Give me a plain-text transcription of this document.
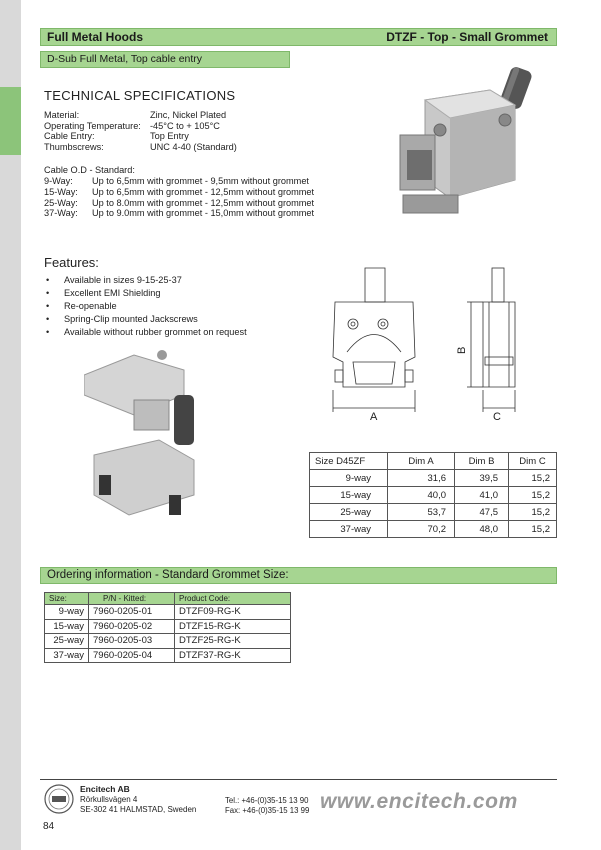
Full Metal Hoods	DTZF - Top - Small Grommet
D-Sub Full Metal, Top cable entry
TECHNICAL SPECIFICATIONS
Material:	Zinc, Nickel Plated
Operating Temperature: -45°C to + 105°C
Cable Entry:	Top Entry
Thumbscrews:	UNC 4-40 (Standard)
Cable O.D - Standard:
9-Way:	Up to 6,5mm with grommet - 9,5mm without grommet
15-Way:	Up to 6,5mm with grommet - 12,5mm without grommet
25-Way:	Up to 8.0mm with grommet - 12,5mm without grommet
37-Way:	Up to 9.0mm with grommet - 15,0mm without grommet
Features:
•	Available in sizes 9-15-25-37
•	Excellent EMI Shielding
•	Re-openable
•	Spring-Clip mounted Jackscrews
•	Available without rubber grommet on request
A
B
C
Size D45ZF	Dim A	Dim B	Dim C
9-way	31,6	39,5	15,2
15-way	40,0	41,0	15,2
25-way	53,7	47,5	15,2
37-way	70,2	48,0	15,2
Ordering information - Standard Grommet Size:
Size:	P/N - Kitted:	Product Code:
9-way	7960-0205-01	DTZF09-RG-K
15-way	7960-0205-02	DTZF15-RG-K
25-way	7960-0205-03	DTZF25-RG-K
37-way	7960-0205-04	DTZF37-RG-K
Encitech AB
Rörkullsvägen 4
SE-302 41 HALMSTAD, Sweden
Tel.: +46-(0)35-15 13 90
Fax: +46-(0)35-15 13 99 www.encitech.com
84
